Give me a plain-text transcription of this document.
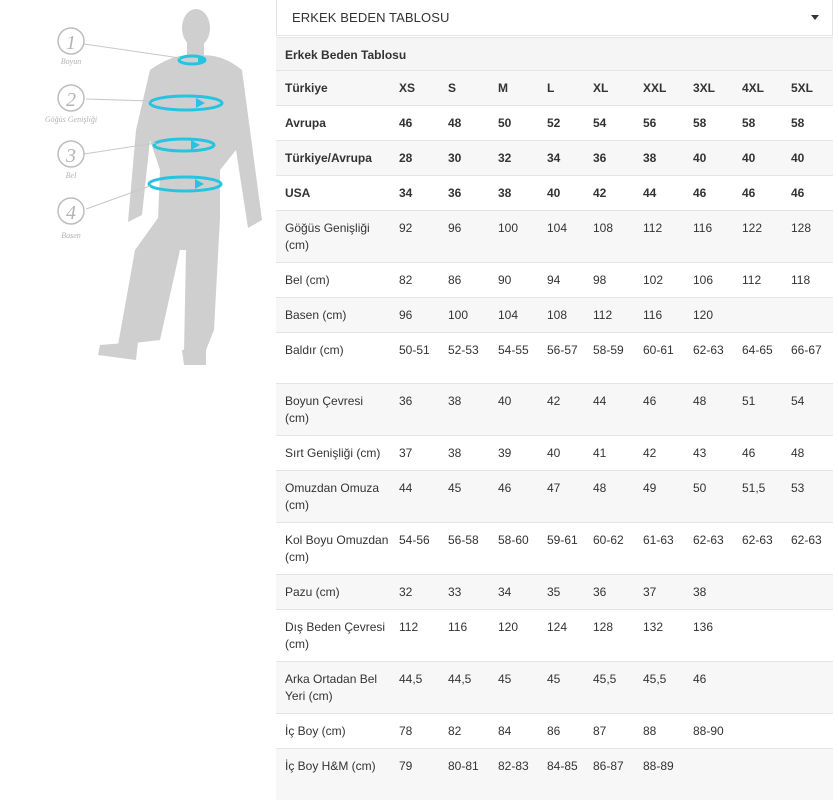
1
2
3
4
Boyun
Göğüs Genişliği
Bel
Basen
ERKEK BEDEN TABLOSU
Erkek Beden Tablosu									
Türkiye	XS	S	M	L	XL	XXL	3XL	4XL	5XL
Avrupa	46	48	50	52	54	56	58	58	58
Türkiye/Avrupa	28	30	32	34	36	38	40	40	40
USA	34	36	38	40	42	44	46	46	46
Göğüs Genişliği (cm)	92	96	100	104	108	112	116	122	128
Bel (cm)	82	86	90	94	98	102	106	112	118
Basen (cm)	96	100	104	108	112	116	120		
Baldır (cm)	50-51	52-53	54-55	56-57	58-59	60-61	62-63	64-65	66-67
Boyun Çevresi (cm)	36	38	40	42	44	46	48	51	54
Sırt Genişliği (cm)	37	38	39	40	41	42	43	46	48
Omuzdan Omuza (cm)	44	45	46	47	48	49	50	51,5	53
Kol Boyu Omuzdan (cm)	54-56	56-58	58-60	59-61	60-62	61-63	62-63	62-63	62-63
Pazu (cm)	32	33	34	35	36	37	38		
Dış Beden Çevresi (cm)	112	116	120	124	128	132	136		
Arka Ortadan Bel Yeri (cm)	44,5	44,5	45	45	45,5	45,5	46		
İç Boy (cm)	78	82	84	86	87	88	88-90		
İç Boy H&M (cm)	79	80-81	82-83	84-85	86-87	88-89			
